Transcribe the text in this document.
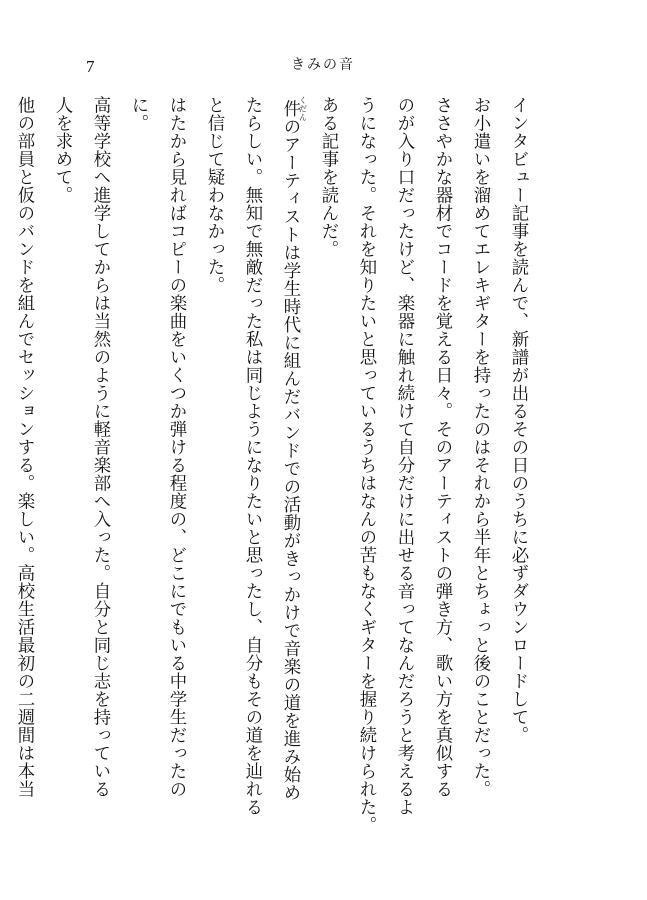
7	きみの音

インタビュー記事を読んで、新譜が出るその日のうちに必ずダウンロードして。

お小遣いを溜めてエレキギターを持ったのはそれから半年とちょっと後のことだった。

ささやかな器材でコードを覚える日々。そのアーティストの弾き方、歌い方を真似する

のが入り口だったけど、楽器に触れ続けて自分だけに出せる音ってなんだろうと考えるよ

うになった。それを知りたいと思っているうちはなんの苦もなくギターを握り続けられた。

ある記事を読んだ。

件くだんのアーティストは学生時代に組んだバンドでの活動がきっかけで音楽の道を進み始め

たらしい。無知で無敵だった私は同じようになりたいと思ったし、自分もその道を辿れる

と信じて疑わなかった。

はたから見ればコピーの楽曲をいくつか弾ける程度の、どこにでもいる中学生だったの

に。

高等学校へ進学してからは当然のように軽音楽部へ入った。自分と同じ志を持っている

人を求めて。

他の部員と仮のバンドを組んでセッションする。楽しい。高校生活最初の二週間は本当
